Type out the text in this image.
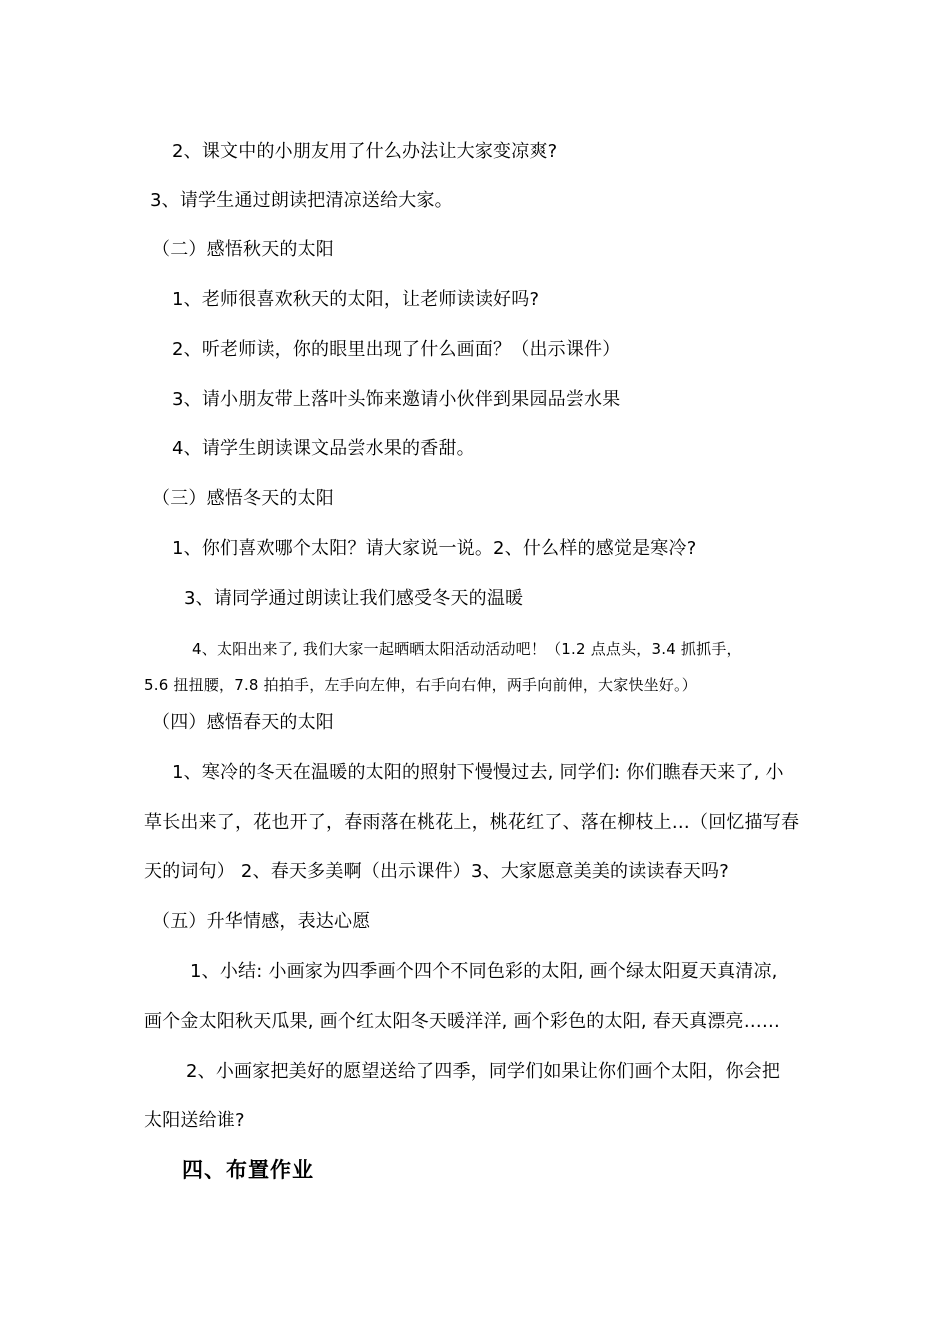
2、课文中的小朋友用了什么办法让大家变凉爽?
3、请学生通过朗读把清凉送给大家。
（二）感悟秋天的太阳
1、老师很喜欢秋天的太阳，让老师读读好吗?
2、听老师读，你的眼里出现了什么画面？（出示课件）
3、请小朋友带上落叶头饰来邀请小伙伴到果园品尝水果
4、请学生朗读课文品尝水果的香甜。
（三）感悟冬天的太阳
1、你们喜欢哪个太阳？请大家说一说。2、什么样的感觉是寒冷?
3、请同学通过朗读让我们感受冬天的温暖
4、太阳出来了, 我们大家一起晒晒太阳活动活动吧！（1.2 点点头，3.4 抓抓手，
5.6 扭扭腰，7.8 拍拍手，左手向左伸，右手向右伸，两手向前伸，大家快坐好。）
（四）感悟春天的太阳
1、寒冷的冬天在温暖的太阳的照射下慢慢过去, 同学们: 你们瞧春天来了, 小
草长出来了，花也开了，春雨落在桃花上，桃花红了、落在柳枝上…（回忆描写春
天的词句） 2、春天多美啊（出示课件）3、大家愿意美美的读读春天吗?
（五）升华情感，表达心愿
1、小结: 小画家为四季画个四个不同色彩的太阳, 画个绿太阳夏天真清凉,
画个金太阳秋天瓜果, 画个红太阳冬天暖洋洋, 画个彩色的太阳, 春天真漂亮……
2、小画家把美好的愿望送给了四季，同学们如果让你们画个太阳，你会把
太阳送给谁?
四、布置作业
